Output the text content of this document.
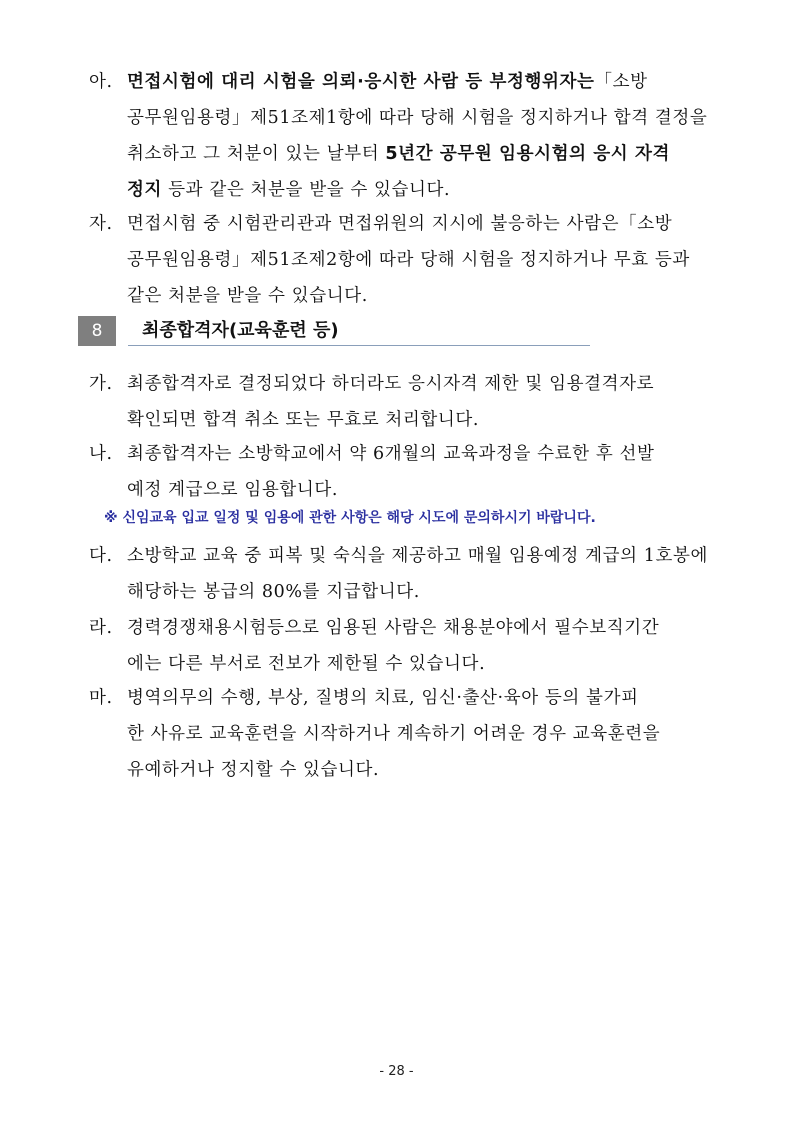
아. 면접시험에 대리 시험을 의뢰·응시한 사람 등 부정행위자는「소방
공무원임용령」제51조제1항에 따라 당해 시험을 정지하거나 합격 결정을
취소하고 그 처분이 있는 날부터 5년간 공무원 임용시험의 응시 자격
정지 등과 같은 처분을 받을 수 있습니다.
자. 면접시험 중 시험관리관과 면접위원의 지시에 불응하는 사람은「소방
공무원임용령」제51조제2항에 따라 당해 시험을 정지하거나 무효 등과
같은 처분을 받을 수 있습니다.
8	최종합격자(교육훈련 등)
가. 최종합격자로 결정되었다 하더라도 응시자격 제한 및 임용결격자로
확인되면 합격 취소 또는 무효로 처리합니다.
나. 최종합격자는 소방학교에서 약 6개월의 교육과정을 수료한 후 선발
예정 계급으로 임용합니다.
※ 신임교육 입교 일정 및 임용에 관한 사항은 해당 시도에 문의하시기 바랍니다.
다. 소방학교 교육 중 피복 및 숙식을 제공하고 매월 임용예정 계급의 1호봉에
해당하는 봉급의 80%를 지급합니다.
라. 경력경쟁채용시험등으로 임용된 사람은 채용분야에서 필수보직기간
에는 다른 부서로 전보가 제한될 수 있습니다.
마. 병역의무의 수행, 부상, 질병의 치료, 임신·출산·육아 등의 불가피
한 사유로 교육훈련을 시작하거나 계속하기 어려운 경우 교육훈련을
유예하거나 정지할 수 있습니다.
- 28 -
